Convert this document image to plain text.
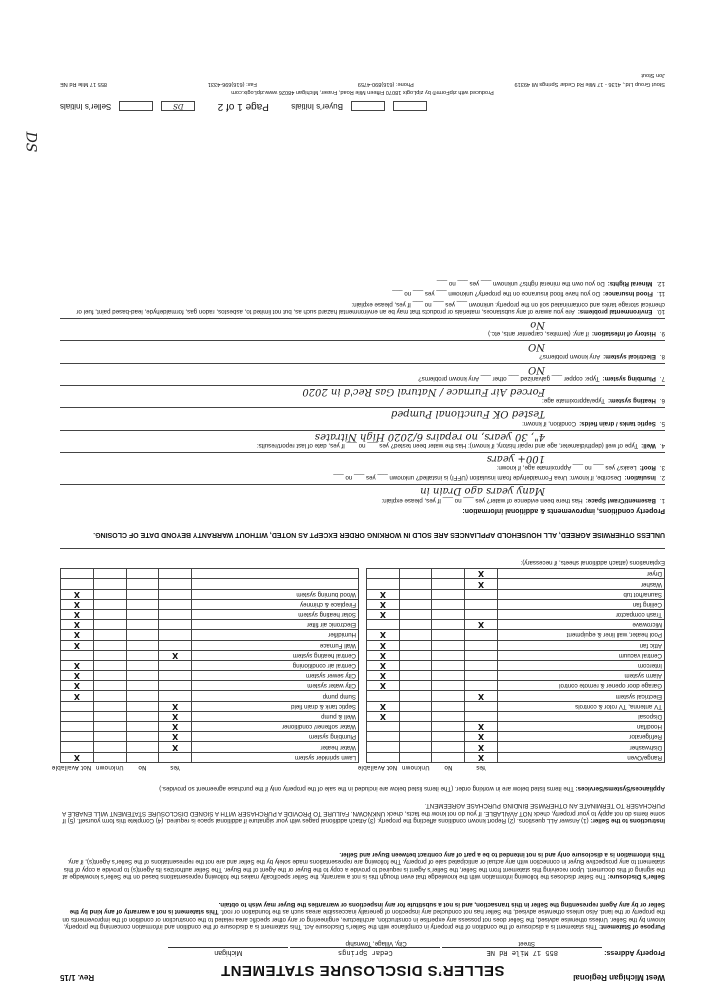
West Michigan Regional
Rev. 1/15	SELLER’S DISCLOSURE STATEMENT
Property Address: 855 17 Mile Rd NE Cedar Springs Michigan
Street City, Village, Township
Purpose of Statement: This statement is a disclosure of the condition of the property in compliance with the Seller’s Disclosure Act. This statement is a disclosure of the condition and information concerning the property, known by the Seller. Unless otherwise advised, the Seller does not possess any expertise in construction, architecture, engineering or any other specific area related to the construction or condition of the improvements on the property or the land. Also unless otherwise advised, the Seller has not conducted any inspection of generally inaccessible areas such as the foundation or roof. This statement is not a warranty of any kind by the Seller or by any Agent representing the Seller in this transaction, and is not a substitute for any inspections or warranties the Buyer may wish to obtain.
Seller’s Disclosure: The Seller discloses the following information with the knowledge that even though this is not a warranty, the Seller specifically makes the following representations based on the Seller’s knowledge at the signing of this document. Upon receiving this statement from the Seller, the Seller’s Agent is required to provide a copy to the Buyer or the Agent of the Buyer. The Seller authorizes its Agent(s) to provide a copy of this statement to any prospective Buyer in connection with any actual or anticipated sale of property. The following are representations made solely by the Seller and are not the representations of the Seller’s Agent(s), if any. This information is a disclosure only and is not intended to be a part of any contract between Buyer and Seller.
Instructions to the Seller: (1) Answer ALL questions. (2) Report known conditions affecting the property. (3) Attach additional pages with your signature if additional space is required. (4) Complete this form yourself. (5) If some items do not apply to your property, check NOT AVAILABLE. If you do not know the facts, check UNKNOWN. FAILURE TO PROVIDE A PURCHASER WITH A SIGNED DISCLOSURE STATEMENT WILL ENABLE A PURCHASER TO TERMINATE AN OTHERWISE BINDING PURCHASE AGREEMENT.
Appliances/Systems/Services: The items listed below are in working order. (The items listed below are included in the sale of the property only if the purchase agreement so provides.)
	Yes	No	Unknown	Not Available			Yes	No	Unknown	Not Available
Range/Oven	X					Lawn sprinkler system				X
Dishwasher	X					Water heater	X			
Refrigerator	X					Plumbing system	X			
Hood/fan	X					Water softener/ conditioner	X			
Disposal				X		Well & pump	X			
TV antenna, TV rotor & controls				X		Septic tank & drain field	X			
Electrical system	X					Sump pump				X
Garage door opener & remote control				X		City water system				X
Alarm system				X		City sewer system				X
Intercom				X		Central air conditioning				X
Central vacuum				X		Central heating system	X			
Attic fan				X		Wall Furnace				X
Pool heater, wall liner & equipment				X		Humidifier				X
Microwave	X					Electronic air filter				X
Trash compactor				X		Solar heating system				X
Ceiling fan				X		Fireplace & chimney				X
Sauna/hot tub				X		Wood burning system				X
Washer	X									
Dryer	X									
Explanations (attach additional sheets, if necessary):
UNLESS OTHERWISE AGREED, ALL HOUSEHOLD APPLIANCES ARE SOLD IN WORKING ORDER EXCEPT AS NOTED, WITHOUT WARRANTY BEYOND DATE OF CLOSING.
Property conditions, improvements & additional information:

1.Basement/Crawl Space:Has there been evidence of water? yes ___ no ___ If yes, please explain:
Many years ago Drain in

2.Insulation:Describe, if known: Urea Formaldehyde foam insulation (UFFI) is installed? unknown ___ yes ___ no ___

3.Roof:Leaks? yes ___ no ___ Approximate age, if known:
100+ years

4.Well:Type of well (depth/diameter, age and repair history, if known): Has the water been tested? yes ___ no ___ If yes, date of last report/results:
4", 30 years, no repairs 6/2020 High Nitrates

5.Septic tanks / drain fields:Condition, if known:
Tested OK Functional Pumped

6.Heating system:Type/approximate age:
Forced Air Furnace / Natural Gas Rec'd in 2020

7.Plumbing system:Type: copper ___ galvanized ___ other ___ Any known problems?
NO

8.Electrical system:Any known problems?
NO

9.History of infestation:if any: (termites, carpenter ants, etc.)
No

10.Environmental problems:Are you aware of any substances, materials or products that may be an environmental hazard such as, but not limited to, asbestos, radon gas, formaldehyde, lead-based paint, fuel or chemical storage tanks and contaminated soil on the property. unknown ___ yes ___ no ___ If yes, please explain:

11.Flood Insurance:Do you have flood insurance on the property? unknown ___ yes ___ no ___

12.Mineral Rights:Do you own the mineral rights? unknown ___ yes ___ no ___

Buyer’s Initials
Page 1 of 2
DS
Seller’s Initials
Produced with zipForm® by zipLogix 18070 Fifteen Mile Road, Fraser, Michigan 48026 www.zipLogix.com
Stout Group Ltd., 4136 - 17 Mile Rd Cedar Springs MI 49319
Phone: (616)890-4759
Fax: (616)696-4331
855 17 Mile Rd NE
Jon Stout
DS
